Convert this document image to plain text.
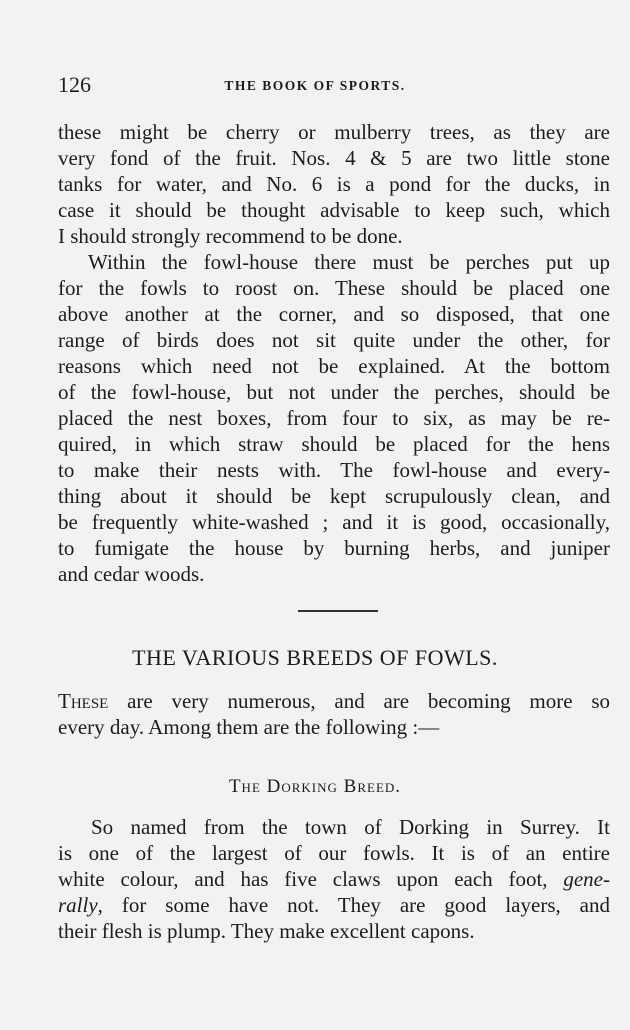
126	THE BOOK OF SPORTS.
these might be cherry or mulberry trees, as they are
very fond of the fruit. Nos. 4 & 5 are two little stone
tanks for water, and No. 6 is a pond for the ducks, in
case it should be thought advisable to keep such, which
I should strongly recommend to be done.
Within the fowl-house there must be perches put up
for the fowls to roost on. These should be placed one
above another at the corner, and so disposed, that one
range of birds does not sit quite under the other, for
reasons which need not be explained. At the bottom
of the fowl-house, but not under the perches, should be
placed the nest boxes, from four to six, as may be re-
quired, in which straw should be placed for the hens
to make their nests with. The fowl-house and every-
thing about it should be kept scrupulously clean, and
be frequently white-washed ; and it is good, occasionally,
to fumigate the house by burning herbs, and juniper
and cedar woods.
THE VARIOUS BREEDS OF FOWLS.
These are very numerous, and are becoming more so
every day. Among them are the following :—
The Dorking Breed.
So named from the town of Dorking in Surrey. It
is one of the largest of our fowls. It is of an entire
white colour, and has five claws upon each foot, gene-
rally, for some have not. They are good layers, and
their flesh is plump. They make excellent capons.
